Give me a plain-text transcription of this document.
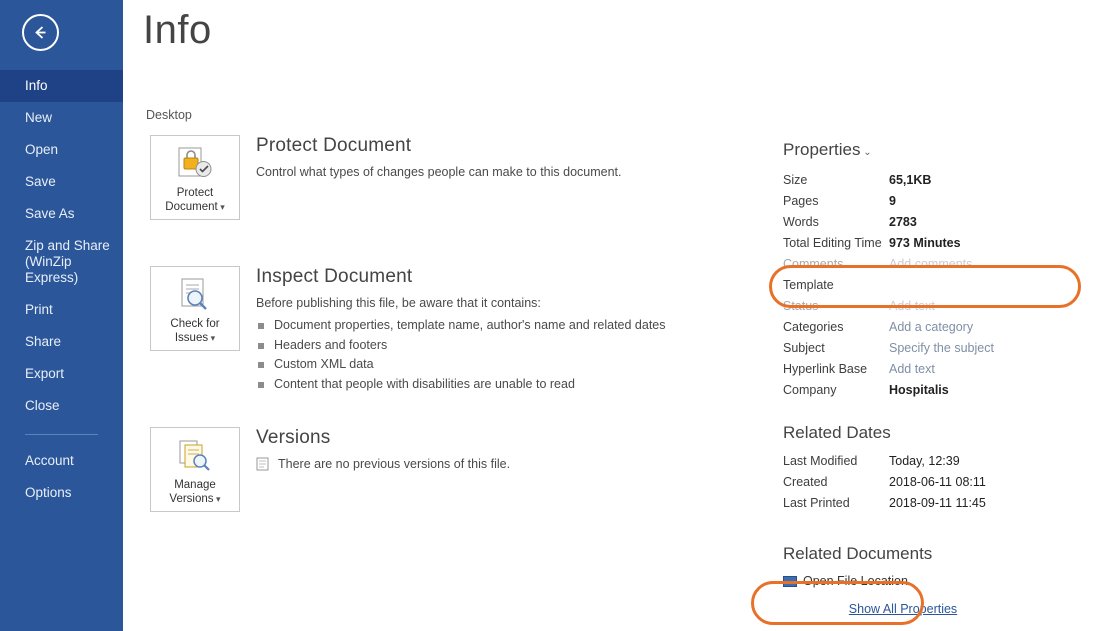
Info
New
Open
Save
Save As
Zip and Share (WinZip Express)
Print
Share
Export
Close
Account
Options
Info
Desktop
Protect
Document ▾

Protect Document

Control what types of changes people can make to this document.

Check for
Issues ▾

Inspect Document

Before publishing this file, be aware that it contains:

Document properties, template name, author's name and related dates
Headers and footers
Custom XML data
Content that people with disabilities are unable to read
Manage
Versions ▾

Versions

There are no previous versions of this file.
Properties ⌄
Size	65,1KB
Pages	9
Words	2783
Total Editing Time 973 Minutes
Comments	Add comments
Template
Status	Add text
Categories	Add a category
Subject	Specify the subject
Hyperlink Base	Add text
Company	Hospitalis
Related Dates
Last Modified	Today, 12:39
Created	2018-06-11 08:11
Last Printed	2018-09-11 11:45
Related Documents
Open File Location
Show All Properties
